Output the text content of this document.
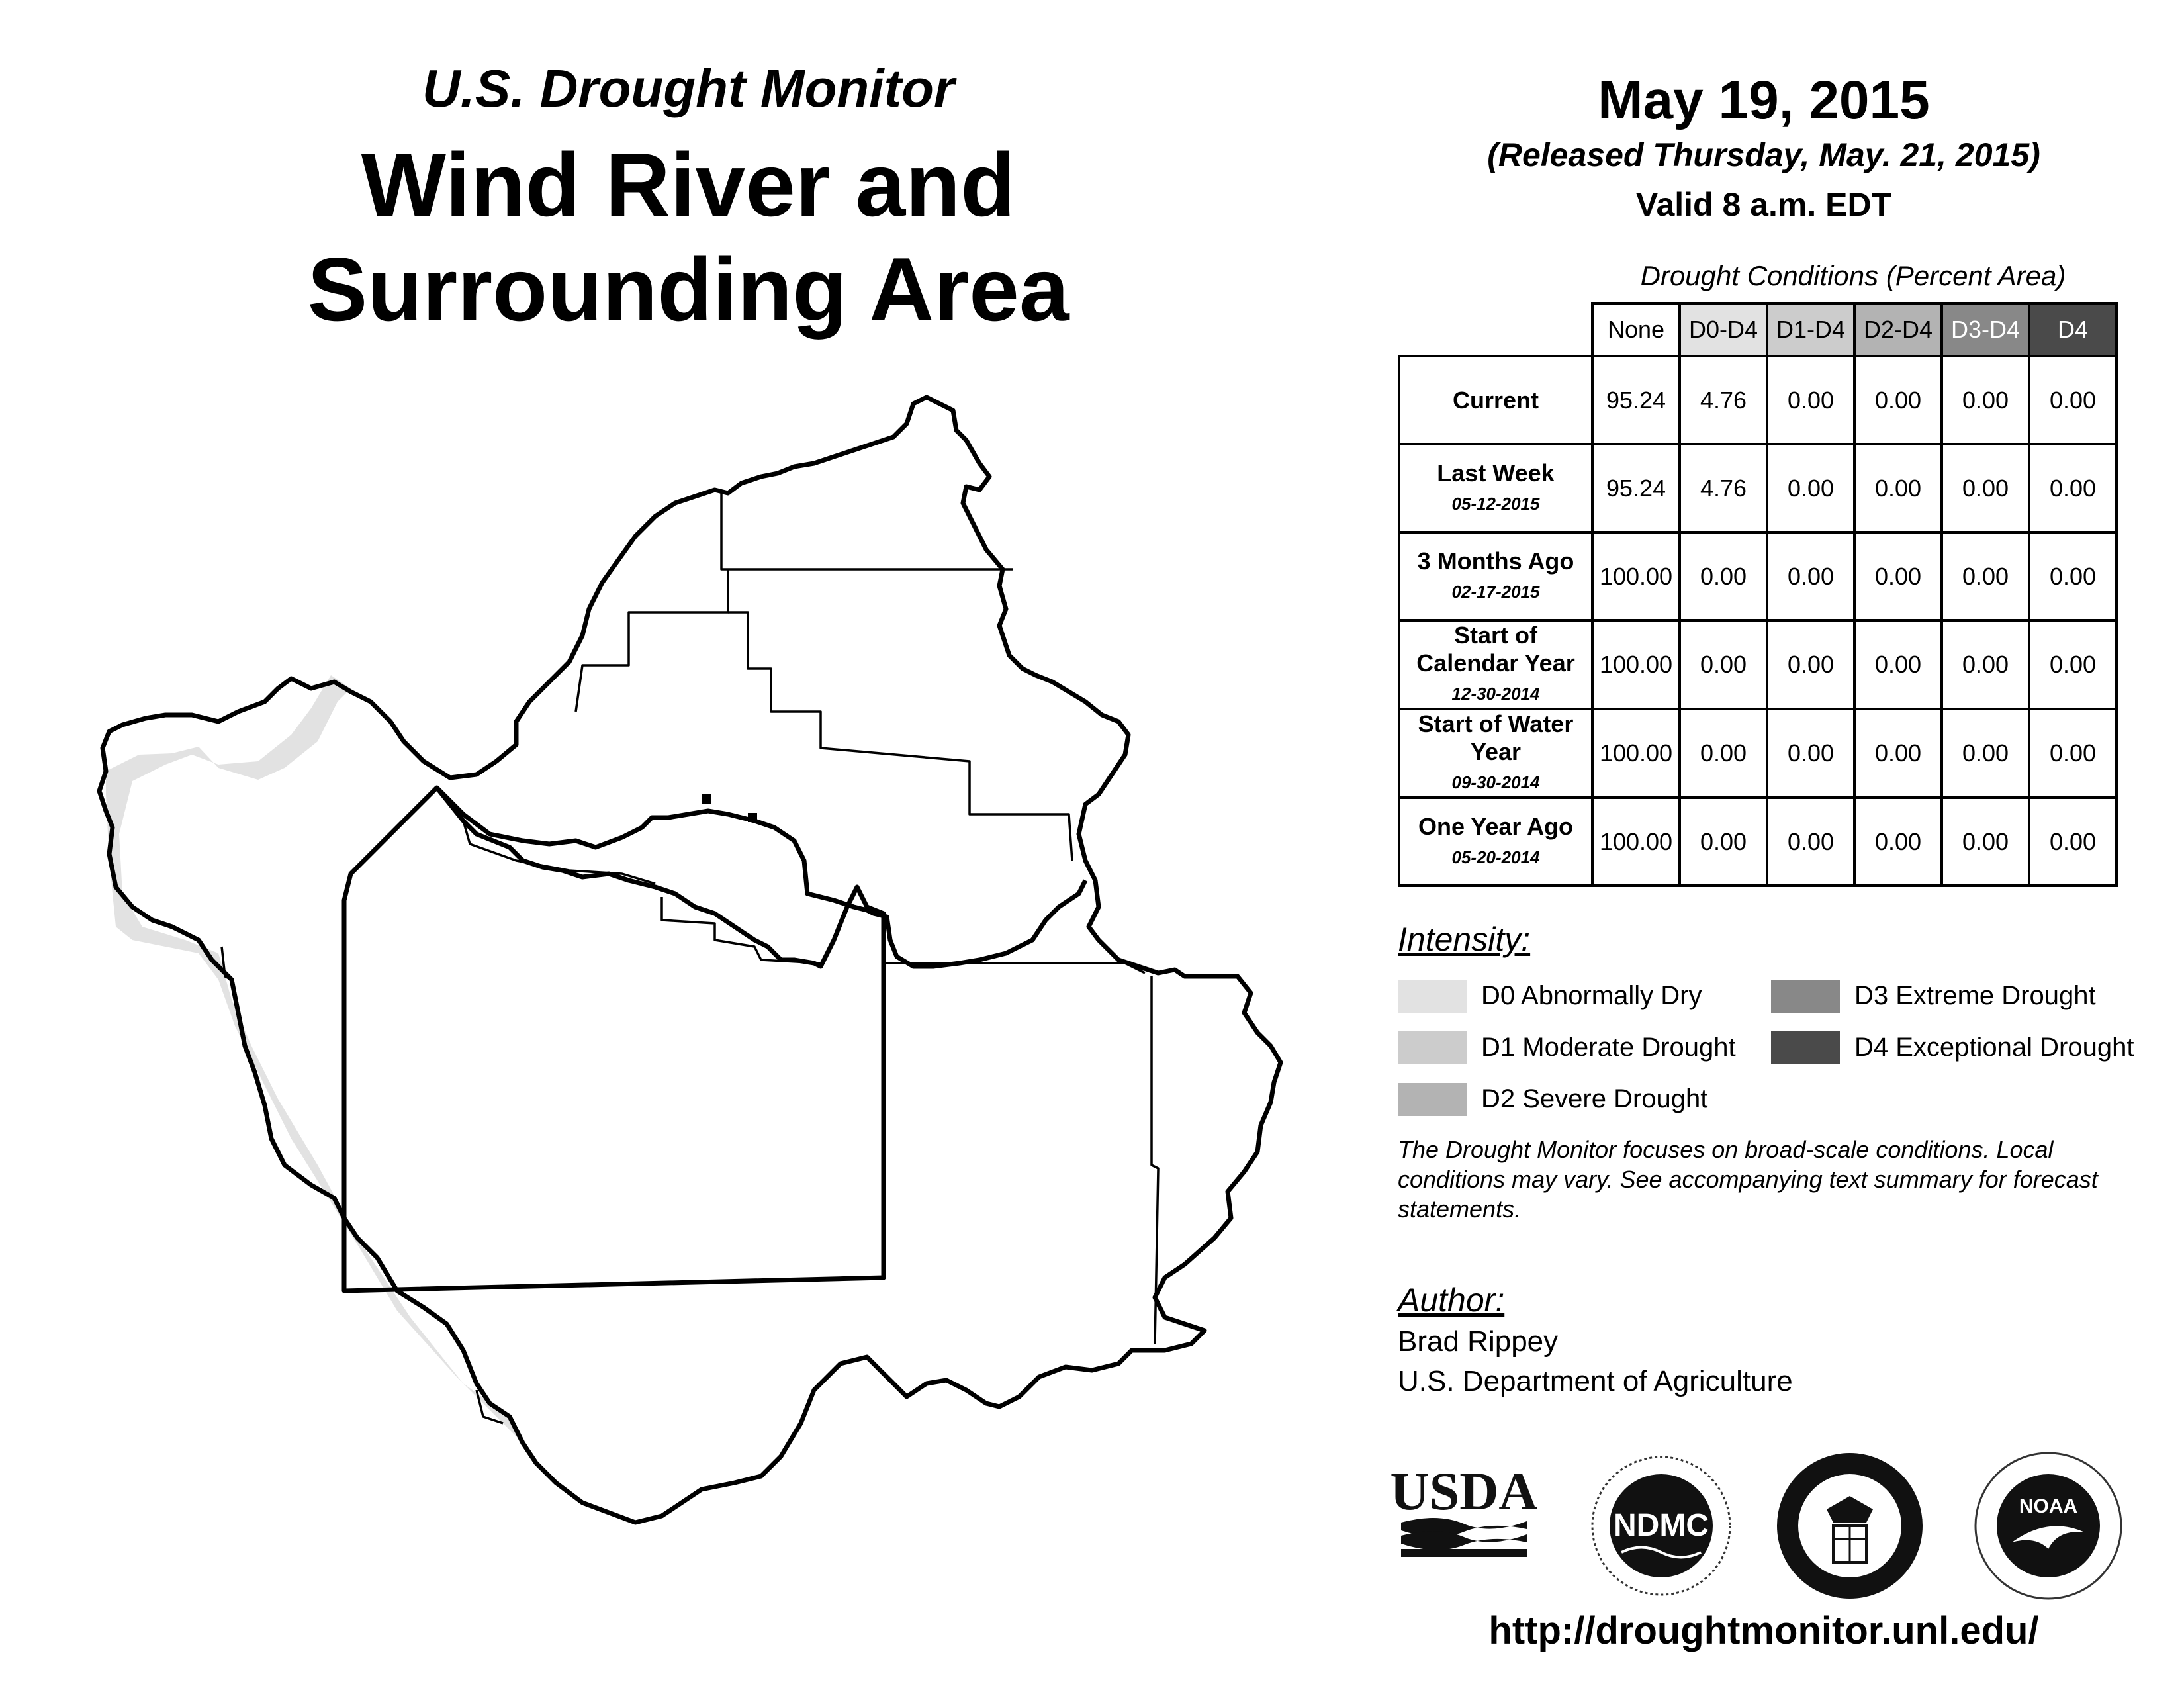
U.S. Drought Monitor
Wind River and
Surrounding Area
May 19, 2015
(Released Thursday, May. 21, 2015)
Valid 8 a.m. EDT
Drought Conditions (Percent Area)
	None	D0-D4	D1-D4	D2-D4	D3-D4	D4
Current	95.24	4.76	0.00	0.00	0.00	0.00
Last Week
05-12-2015	95.24	4.76	0.00	0.00	0.00	0.00
3 Months Ago
02-17-2015	100.00	0.00	0.00	0.00	0.00	0.00
Start of Calendar Year
12-30-2014	100.00	0.00	0.00	0.00	0.00	0.00
Start of Water Year
09-30-2014	100.00	0.00	0.00	0.00	0.00	0.00
One Year Ago
05-20-2014	100.00	0.00	0.00	0.00	0.00	0.00
Intensity:
D0 Abnormally Dry
D1 Moderate Drought
D2 Severe Drought
D3 Extreme Drought
D4 Exceptional Drought
The Drought Monitor focuses on broad-scale conditions. Local conditions may vary. See accompanying text summary for forecast statements.
Author:
Brad Rippey
U.S. Department of Agriculture
USDA
NDMC
NOAA
http://droughtmonitor.unl.edu/
